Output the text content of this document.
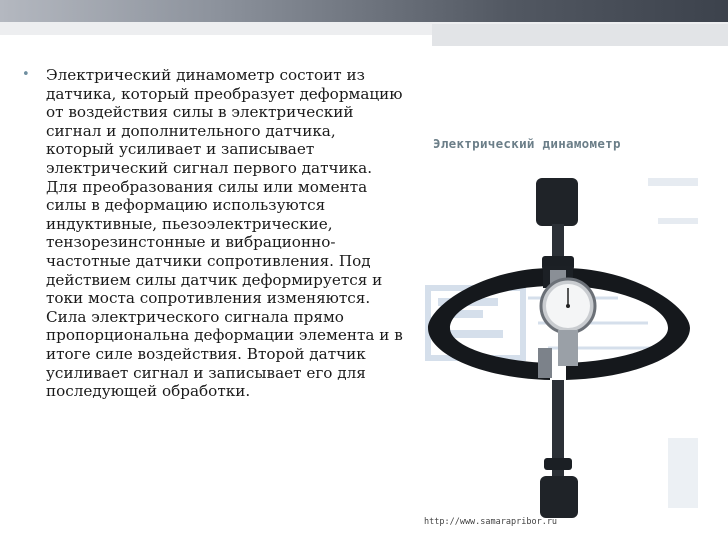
• Электрический динамометр состоит из датчика, который преобразует деформацию от воздействия силы в электрический сигнал и дополнительного датчика, который усиливает и записывает электрический сигнал первого датчика. Для преобразования силы или момента силы в деформацию используются индуктивные, пьезоэлектрические, тензорезинстонные и вибрационно-частотные датчики сопротивления. Под действием силы датчик деформируется и токи моста сопротивления изменяются. Сила электрического сигнала прямо пропорциональна деформации элемента и в итоге силе воздействия. Второй датчик усиливает сигнал и записывает его для последующей обработки.
Электрический динамометр
http://www.samarapribor.ru
